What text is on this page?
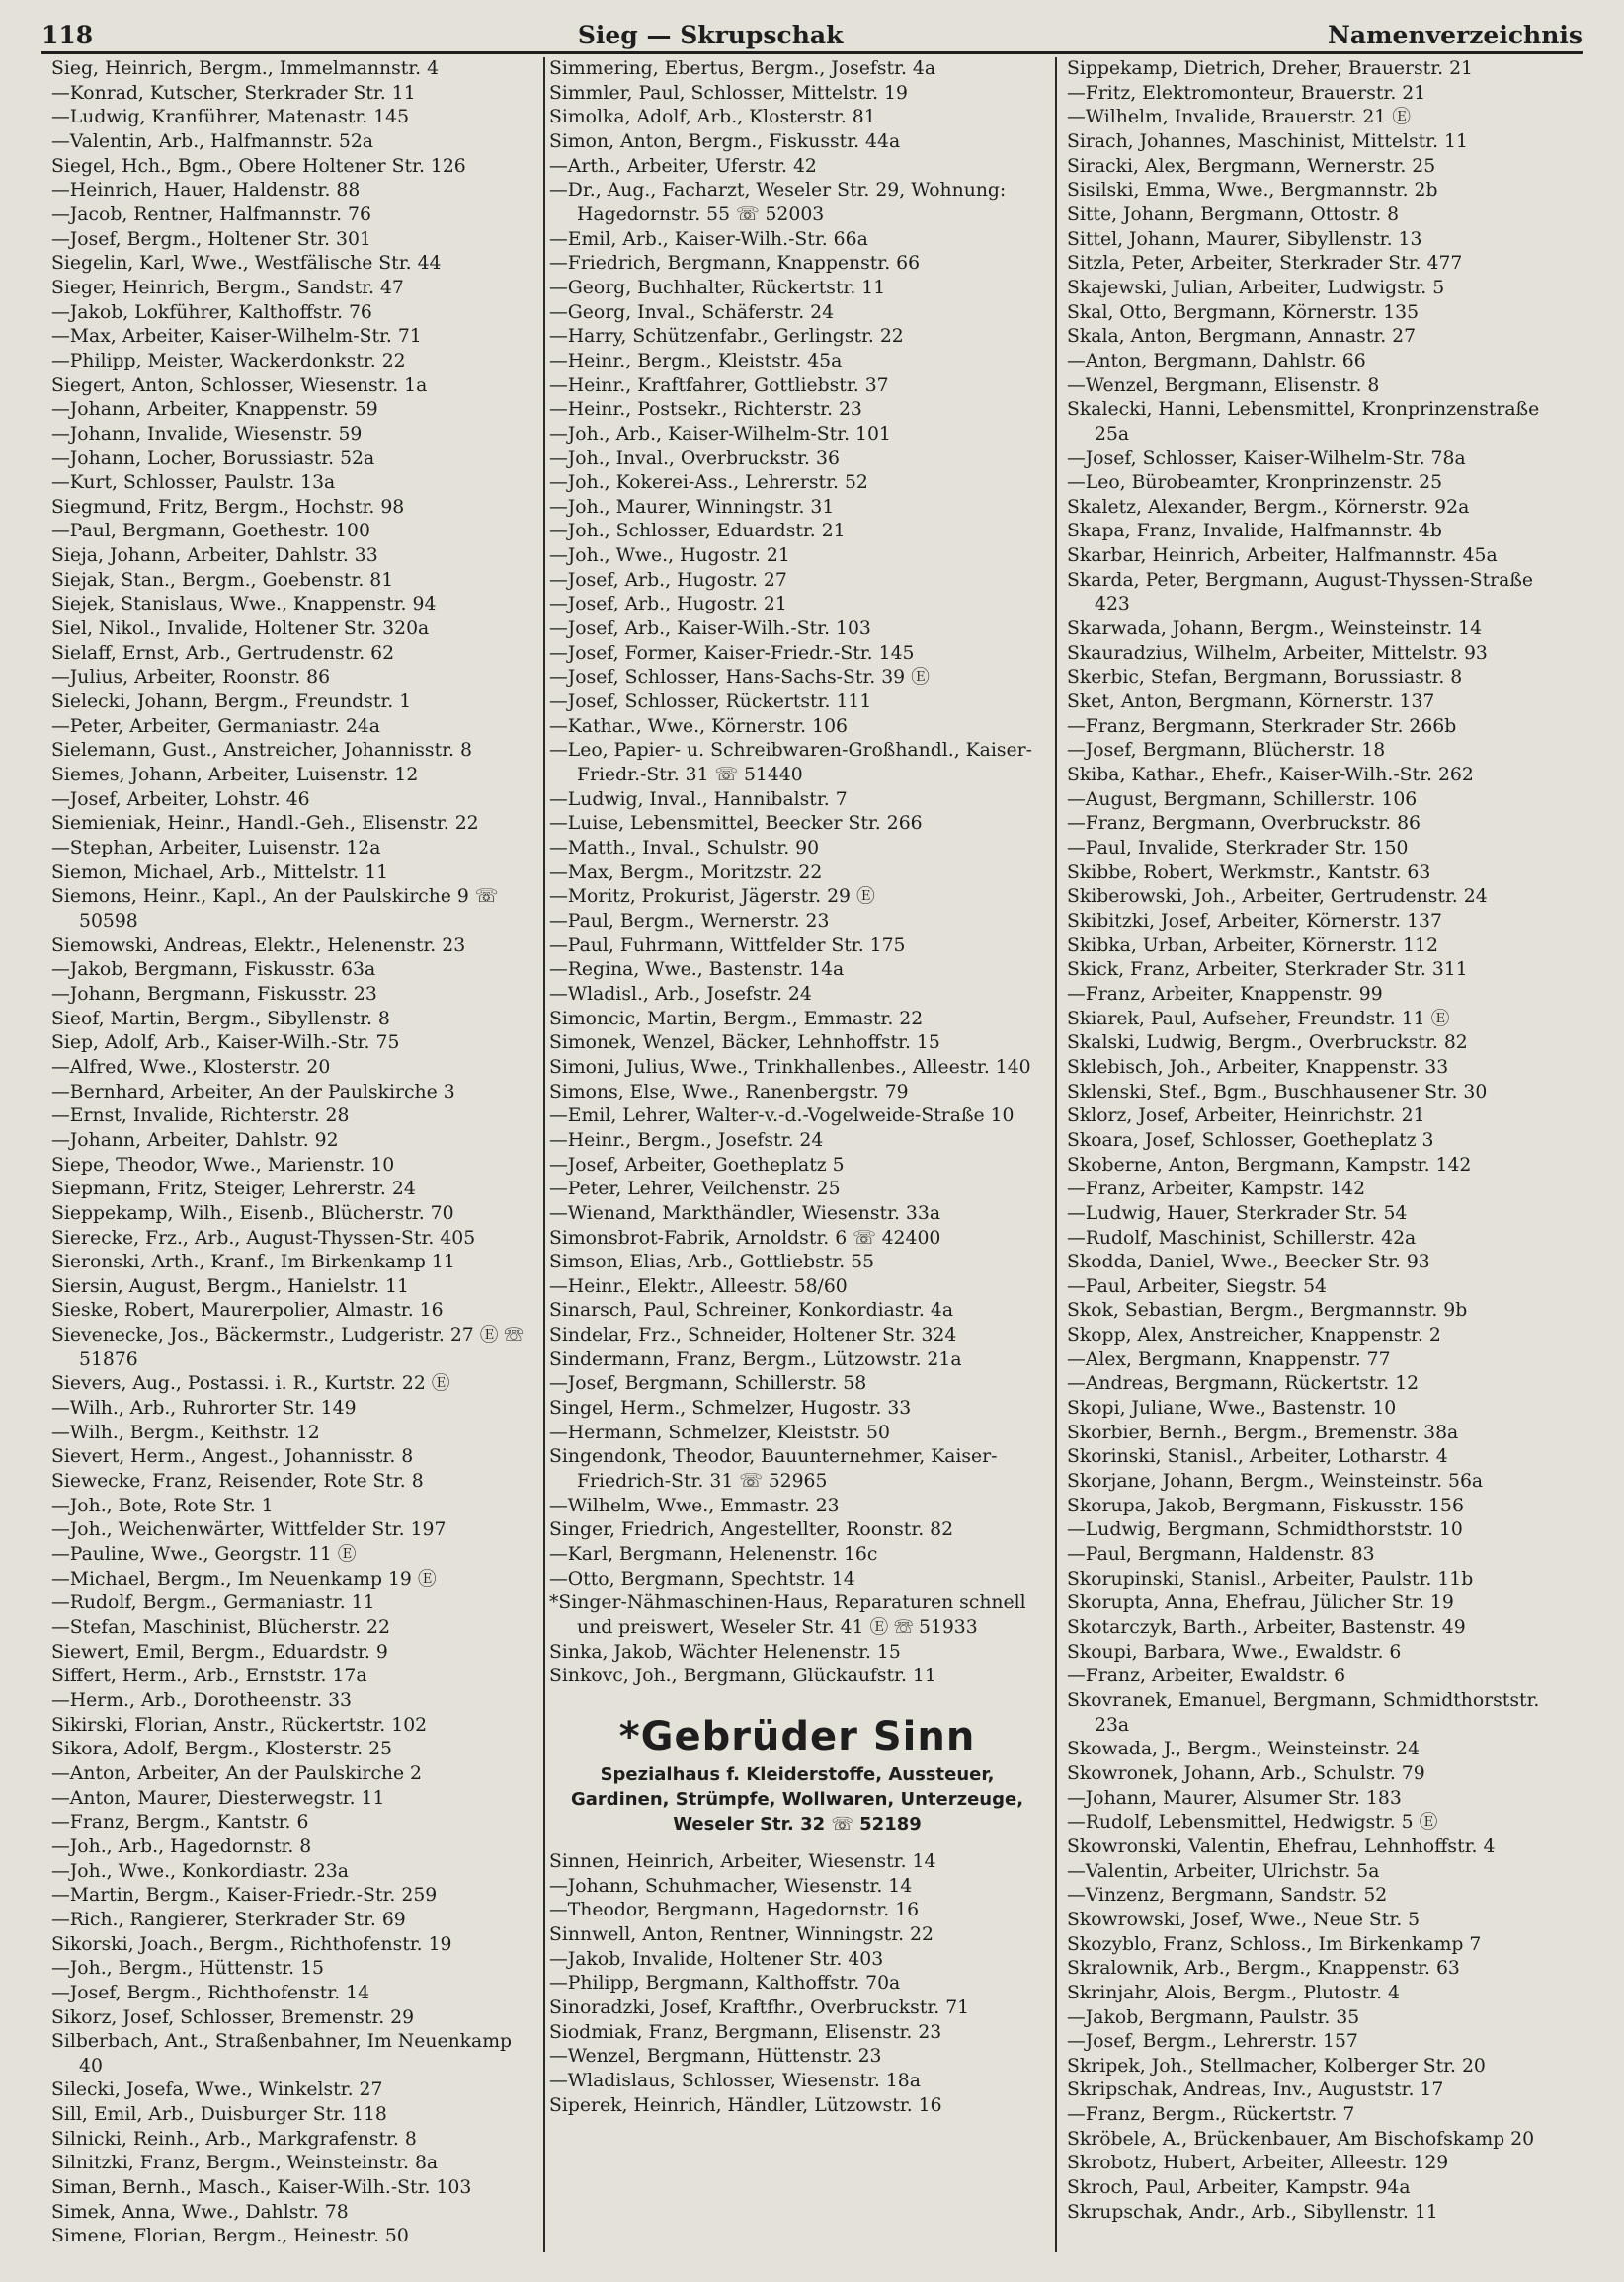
118	Sieg — Skrupschak	Namenverzeichnis

Sieg, Heinrich, Bergm., Immelmannstr. 4

—Konrad, Kutscher, Sterkrader Str. 11

—Ludwig, Kranführer, Matenastr. 145

—Valentin, Arb., Halfmannstr. 52a

Siegel, Hch., Bgm., Obere Holtener Str. 126

—Heinrich, Hauer, Haldenstr. 88

—Jacob, Rentner, Halfmannstr. 76

—Josef, Bergm., Holtener Str. 301

Siegelin, Karl, Wwe., Westfälische Str. 44

Sieger, Heinrich, Bergm., Sandstr. 47

—Jakob, Lokführer, Kalthoffstr. 76

—Max, Arbeiter, Kaiser-Wilhelm-Str. 71

—Philipp, Meister, Wackerdonkstr. 22

Siegert, Anton, Schlosser, Wiesenstr. 1a

—Johann, Arbeiter, Knappenstr. 59

—Johann, Invalide, Wiesenstr. 59

—Johann, Locher, Borussiastr. 52a

—Kurt, Schlosser, Paulstr. 13a

Siegmund, Fritz, Bergm., Hochstr. 98

—Paul, Bergmann, Goethestr. 100

Sieja, Johann, Arbeiter, Dahlstr. 33

Siejak, Stan., Bergm., Goebenstr. 81

Siejek, Stanislaus, Wwe., Knappenstr. 94

Siel, Nikol., Invalide, Holtener Str. 320a

Sielaff, Ernst, Arb., Gertrudenstr. 62

—Julius, Arbeiter, Roonstr. 86

Sielecki, Johann, Bergm., Freundstr. 1

—Peter, Arbeiter, Germaniastr. 24a

Sielemann, Gust., Anstreicher, Johannisstr. 8

Siemes, Johann, Arbeiter, Luisenstr. 12

—Josef, Arbeiter, Lohstr. 46

Siemieniak, Heinr., Handl.-Geh., Elisenstr. 22

—Stephan, Arbeiter, Luisenstr. 12a

Siemon, Michael, Arb., Mittelstr. 11

Siemons, Heinr., Kapl., An der Paulskirche 9 ☏ 50598

Siemowski, Andreas, Elektr., Helenenstr. 23

—Jakob, Bergmann, Fiskusstr. 63a

—Johann, Bergmann, Fiskusstr. 23

Sieof, Martin, Bergm., Sibyllenstr. 8

Siep, Adolf, Arb., Kaiser-Wilh.-Str. 75

—Alfred, Wwe., Klosterstr. 20

—Bernhard, Arbeiter, An der Paulskirche 3

—Ernst, Invalide, Richterstr. 28

—Johann, Arbeiter, Dahlstr. 92

Siepe, Theodor, Wwe., Marienstr. 10

Siepmann, Fritz, Steiger, Lehrerstr. 24

Sieppekamp, Wilh., Eisenb., Blücherstr. 70

Sierecke, Frz., Arb., August-Thyssen-Str. 405

Sieronski, Arth., Kranf., Im Birkenkamp 11

Siersin, August, Bergm., Hanielstr. 11

Sieske, Robert, Maurerpolier, Almastr. 16

Sievenecke, Jos., Bäckermstr., Ludgeristr. 27 Ⓔ ☏ 51876

Sievers, Aug., Postassi. i. R., Kurtstr. 22 Ⓔ

—Wilh., Arb., Ruhrorter Str. 149

—Wilh., Bergm., Keithstr. 12

Sievert, Herm., Angest., Johannisstr. 8

Siewecke, Franz, Reisender, Rote Str. 8

—Joh., Bote, Rote Str. 1

—Joh., Weichenwärter, Wittfelder Str. 197

—Pauline, Wwe., Georgstr. 11 Ⓔ

—Michael, Bergm., Im Neuenkamp 19 Ⓔ

—Rudolf, Bergm., Germaniastr. 11

—Stefan, Maschinist, Blücherstr. 22

Siewert, Emil, Bergm., Eduardstr. 9

Siffert, Herm., Arb., Ernststr. 17a

—Herm., Arb., Dorotheenstr. 33

Sikirski, Florian, Anstr., Rückertstr. 102

Sikora, Adolf, Bergm., Klosterstr. 25

—Anton, Arbeiter, An der Paulskirche 2

—Anton, Maurer, Diesterwegstr. 11

—Franz, Bergm., Kantstr. 6

—Joh., Arb., Hagedornstr. 8

—Joh., Wwe., Konkordiastr. 23a

—Martin, Bergm., Kaiser-Friedr.-Str. 259

—Rich., Rangierer, Sterkrader Str. 69

Sikorski, Joach., Bergm., Richthofenstr. 19

—Joh., Bergm., Hüttenstr. 15

—Josef, Bergm., Richthofenstr. 14

Sikorz, Josef, Schlosser, Bremenstr. 29

Silberbach, Ant., Straßenbahner, Im Neuenkamp 40

Silecki, Josefa, Wwe., Winkelstr. 27

Sill, Emil, Arb., Duisburger Str. 118

Silnicki, Reinh., Arb., Markgrafenstr. 8

Silnitzki, Franz, Bergm., Weinsteinstr. 8a

Siman, Bernh., Masch., Kaiser-Wilh.-Str. 103

Simek, Anna, Wwe., Dahlstr. 78

Simene, Florian, Bergm., Heinestr. 50

Simmering, Ebertus, Bergm., Josefstr. 4a

Simmler, Paul, Schlosser, Mittelstr. 19

Simolka, Adolf, Arb., Klosterstr. 81

Simon, Anton, Bergm., Fiskusstr. 44a

—Arth., Arbeiter, Uferstr. 42

—Dr., Aug., Facharzt, Weseler Str. 29, Wohnung: Hagedornstr. 55 ☏ 52003

—Emil, Arb., Kaiser-Wilh.-Str. 66a

—Friedrich, Bergmann, Knappenstr. 66

—Georg, Buchhalter, Rückertstr. 11

—Georg, Inval., Schäferstr. 24

—Harry, Schützenfabr., Gerlingstr. 22

—Heinr., Bergm., Kleiststr. 45a

—Heinr., Kraftfahrer, Gottliebstr. 37

—Heinr., Postsekr., Richterstr. 23

—Joh., Arb., Kaiser-Wilhelm-Str. 101

—Joh., Inval., Overbruckstr. 36

—Joh., Kokerei-Ass., Lehrerstr. 52

—Joh., Maurer, Winningstr. 31

—Joh., Schlosser, Eduardstr. 21

—Joh., Wwe., Hugostr. 21

—Josef, Arb., Hugostr. 27

—Josef, Arb., Hugostr. 21

—Josef, Arb., Kaiser-Wilh.-Str. 103

—Josef, Former, Kaiser-Friedr.-Str. 145

—Josef, Schlosser, Hans-Sachs-Str. 39 Ⓔ

—Josef, Schlosser, Rückertstr. 111

—Kathar., Wwe., Körnerstr. 106

—Leo, Papier- u. Schreibwaren-Großhandl., Kaiser-Friedr.-Str. 31 ☏ 51440

—Ludwig, Inval., Hannibalstr. 7

—Luise, Lebensmittel, Beecker Str. 266

—Matth., Inval., Schulstr. 90

—Max, Bergm., Moritzstr. 22

—Moritz, Prokurist, Jägerstr. 29 Ⓔ

—Paul, Bergm., Wernerstr. 23

—Paul, Fuhrmann, Wittfelder Str. 175

—Regina, Wwe., Bastenstr. 14a

—Wladisl., Arb., Josefstr. 24

Simoncic, Martin, Bergm., Emmastr. 22

Simonek, Wenzel, Bäcker, Lehnhoffstr. 15

Simoni, Julius, Wwe., Trinkhallenbes., Alleestr. 140

Simons, Else, Wwe., Ranenbergstr. 79

—Emil, Lehrer, Walter-v.-d.-Vogelweide-Straße 10

—Heinr., Bergm., Josefstr. 24

—Josef, Arbeiter, Goetheplatz 5

—Peter, Lehrer, Veilchenstr. 25

—Wienand, Markthändler, Wiesenstr. 33a

Simonsbrot-Fabrik, Arnoldstr. 6 ☏ 42400

Simson, Elias, Arb., Gottliebstr. 55

—Heinr., Elektr., Alleestr. 58/60

Sinarsch, Paul, Schreiner, Konkordiastr. 4a

Sindelar, Frz., Schneider, Holtener Str. 324

Sindermann, Franz, Bergm., Lützowstr. 21a

—Josef, Bergmann, Schillerstr. 58

Singel, Herm., Schmelzer, Hugostr. 33

—Hermann, Schmelzer, Kleiststr. 50

Singendonk, Theodor, Bauunternehmer, Kaiser-Friedrich-Str. 31 ☏ 52965

—Wilhelm, Wwe., Emmastr. 23

Singer, Friedrich, Angestellter, Roonstr. 82

—Karl, Bergmann, Helenenstr. 16c

—Otto, Bergmann, Spechtstr. 14

*Singer-Nähmaschinen-Haus, Reparaturen schnell und preiswert, Weseler Str. 41 Ⓔ ☏ 51933

Sinka, Jakob, Wächter Helenenstr. 15

Sinkovc, Joh., Bergmann, Glückaufstr. 11

*Gebrüder Sinn
Spezialhaus f. Kleiderstoffe, Aussteuer, Gardinen, Strümpfe, Wollwaren, Unterzeuge, Weseler Str. 32 ☏ 52189

Sinnen, Heinrich, Arbeiter, Wiesenstr. 14

—Johann, Schuhmacher, Wiesenstr. 14

—Theodor, Bergmann, Hagedornstr. 16

Sinnwell, Anton, Rentner, Winningstr. 22

—Jakob, Invalide, Holtener Str. 403

—Philipp, Bergmann, Kalthoffstr. 70a

Sinoradzki, Josef, Kraftfhr., Overbruckstr. 71

Siodmiak, Franz, Bergmann, Elisenstr. 23

—Wenzel, Bergmann, Hüttenstr. 23

—Wladislaus, Schlosser, Wiesenstr. 18a

Siperek, Heinrich, Händler, Lützowstr. 16

Sippekamp, Dietrich, Dreher, Brauerstr. 21

—Fritz, Elektromonteur, Brauerstr. 21

—Wilhelm, Invalide, Brauerstr. 21 Ⓔ

Sirach, Johannes, Maschinist, Mittelstr. 11

Siracki, Alex, Bergmann, Wernerstr. 25

Sisilski, Emma, Wwe., Bergmannstr. 2b

Sitte, Johann, Bergmann, Ottostr. 8

Sittel, Johann, Maurer, Sibyllenstr. 13

Sitzla, Peter, Arbeiter, Sterkrader Str. 477

Skajewski, Julian, Arbeiter, Ludwigstr. 5

Skal, Otto, Bergmann, Körnerstr. 135

Skala, Anton, Bergmann, Annastr. 27

—Anton, Bergmann, Dahlstr. 66

—Wenzel, Bergmann, Elisenstr. 8

Skalecki, Hanni, Lebensmittel, Kronprinzenstraße 25a

—Josef, Schlosser, Kaiser-Wilhelm-Str. 78a

—Leo, Bürobeamter, Kronprinzenstr. 25

Skaletz, Alexander, Bergm., Körnerstr. 92a

Skapa, Franz, Invalide, Halfmannstr. 4b

Skarbar, Heinrich, Arbeiter, Halfmannstr. 45a

Skarda, Peter, Bergmann, August-Thyssen-Straße 423

Skarwada, Johann, Bergm., Weinsteinstr. 14

Skauradzius, Wilhelm, Arbeiter, Mittelstr. 93

Skerbic, Stefan, Bergmann, Borussiastr. 8

Sket, Anton, Bergmann, Körnerstr. 137

—Franz, Bergmann, Sterkrader Str. 266b

—Josef, Bergmann, Blücherstr. 18

Skiba, Kathar., Ehefr., Kaiser-Wilh.-Str. 262

—August, Bergmann, Schillerstr. 106

—Franz, Bergmann, Overbruckstr. 86

—Paul, Invalide, Sterkrader Str. 150

Skibbe, Robert, Werkmstr., Kantstr. 63

Skiberowski, Joh., Arbeiter, Gertrudenstr. 24

Skibitzki, Josef, Arbeiter, Körnerstr. 137

Skibka, Urban, Arbeiter, Körnerstr. 112

Skick, Franz, Arbeiter, Sterkrader Str. 311

—Franz, Arbeiter, Knappenstr. 99

Skiarek, Paul, Aufseher, Freundstr. 11 Ⓔ

Skalski, Ludwig, Bergm., Overbruckstr. 82

Sklebisch, Joh., Arbeiter, Knappenstr. 33

Sklenski, Stef., Bgm., Buschhausener Str. 30

Sklorz, Josef, Arbeiter, Heinrichstr. 21

Skoara, Josef, Schlosser, Goetheplatz 3

Skoberne, Anton, Bergmann, Kampstr. 142

—Franz, Arbeiter, Kampstr. 142

—Ludwig, Hauer, Sterkrader Str. 54

—Rudolf, Maschinist, Schillerstr. 42a

Skodda, Daniel, Wwe., Beecker Str. 93

—Paul, Arbeiter, Siegstr. 54

Skok, Sebastian, Bergm., Bergmannstr. 9b

Skopp, Alex, Anstreicher, Knappenstr. 2

—Alex, Bergmann, Knappenstr. 77

—Andreas, Bergmann, Rückertstr. 12

Skopi, Juliane, Wwe., Bastenstr. 10

Skorbier, Bernh., Bergm., Bremenstr. 38a

Skorinski, Stanisl., Arbeiter, Lotharstr. 4

Skorjane, Johann, Bergm., Weinsteinstr. 56a

Skorupa, Jakob, Bergmann, Fiskusstr. 156

—Ludwig, Bergmann, Schmidthorststr. 10

—Paul, Bergmann, Haldenstr. 83

Skorupinski, Stanisl., Arbeiter, Paulstr. 11b

Skorupta, Anna, Ehefrau, Jülicher Str. 19

Skotarczyk, Barth., Arbeiter, Bastenstr. 49

Skoupi, Barbara, Wwe., Ewaldstr. 6

—Franz, Arbeiter, Ewaldstr. 6

Skovranek, Emanuel, Bergmann, Schmidthorststr. 23a

Skowada, J., Bergm., Weinsteinstr. 24

Skowronek, Johann, Arb., Schulstr. 79

—Johann, Maurer, Alsumer Str. 183

—Rudolf, Lebensmittel, Hedwigstr. 5 Ⓔ

Skowronski, Valentin, Ehefrau, Lehnhoffstr. 4

—Valentin, Arbeiter, Ulrichstr. 5a

—Vinzenz, Bergmann, Sandstr. 52

Skowrowski, Josef, Wwe., Neue Str. 5

Skozyblo, Franz, Schloss., Im Birkenkamp 7

Skralownik, Arb., Bergm., Knappenstr. 63

Skrinjahr, Alois, Bergm., Plutostr. 4

—Jakob, Bergmann, Paulstr. 35

—Josef, Bergm., Lehrerstr. 157

Skripek, Joh., Stellmacher, Kolberger Str. 20

Skripschak, Andreas, Inv., Auguststr. 17

—Franz, Bergm., Rückertstr. 7

Skröbele, A., Brückenbauer, Am Bischofskamp 20

Skrobotz, Hubert, Arbeiter, Alleestr. 129

Skroch, Paul, Arbeiter, Kampstr. 94a

Skrupschak, Andr., Arb., Sibyllenstr. 11
